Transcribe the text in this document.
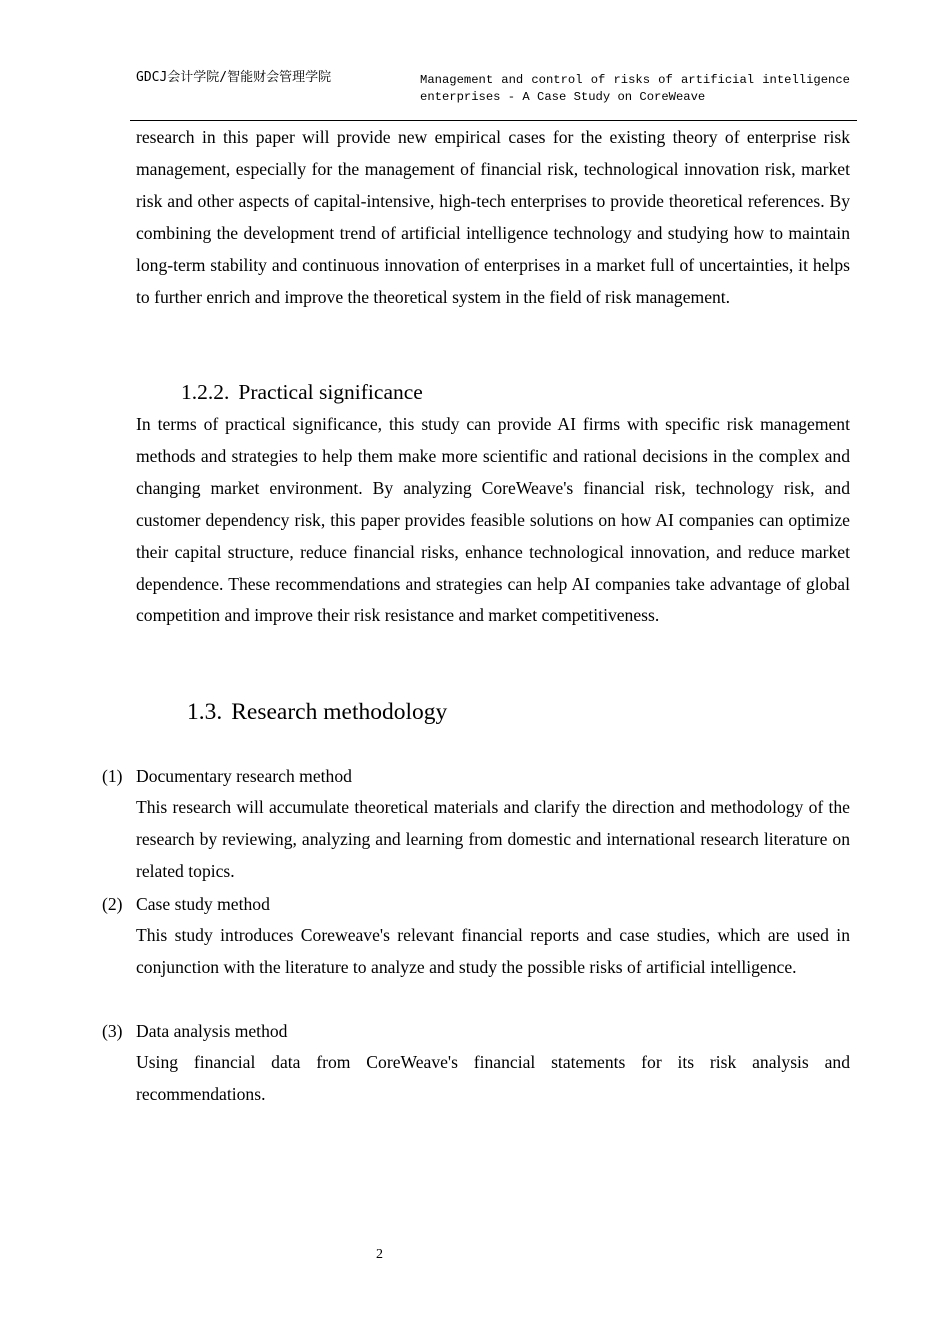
GDCJ会计学院/智能财会管理学院	Management and control of risks of artificial intelligence enterprises - A Case Study on CoreWeave

research in this paper will provide new empirical cases for the existing theory of enterprise risk management, especially for the management of financial risk, technological innovation risk, market risk and other aspects of capital-intensive, high-tech enterprises to provide theoretical references. By combining the development trend of artificial intelligence technology and studying how to maintain long-term stability and continuous innovation of enterprises in a market full of uncertainties, it helps to further enrich and improve the theoretical system in the field of risk management.

1.2.2. Practical significance

In terms of practical significance, this study can provide AI firms with specific risk management methods and strategies to help them make more scientific and rational decisions in the complex and changing market environment. By analyzing CoreWeave's financial risk, technology risk, and customer dependency risk, this paper provides feasible solutions on how AI companies can optimize their capital structure, reduce financial risks, enhance technological innovation, and reduce market dependence. These recommendations and strategies can help AI companies take advantage of global competition and improve their risk resistance and market competitiveness.

1.3. Research methodology
(1) Documentary research method

This research will accumulate theoretical materials and clarify the direction and methodology of the research by reviewing, analyzing and learning from domestic and international research literature on related topics.

(2) Case study method

This study introduces Coreweave's relevant financial reports and case studies, which are used in conjunction with the literature to analyze and study the possible risks of artificial intelligence.

(3) Data analysis method

Using financial data from CoreWeave's financial statements for its risk analysis and recommendations.

2
